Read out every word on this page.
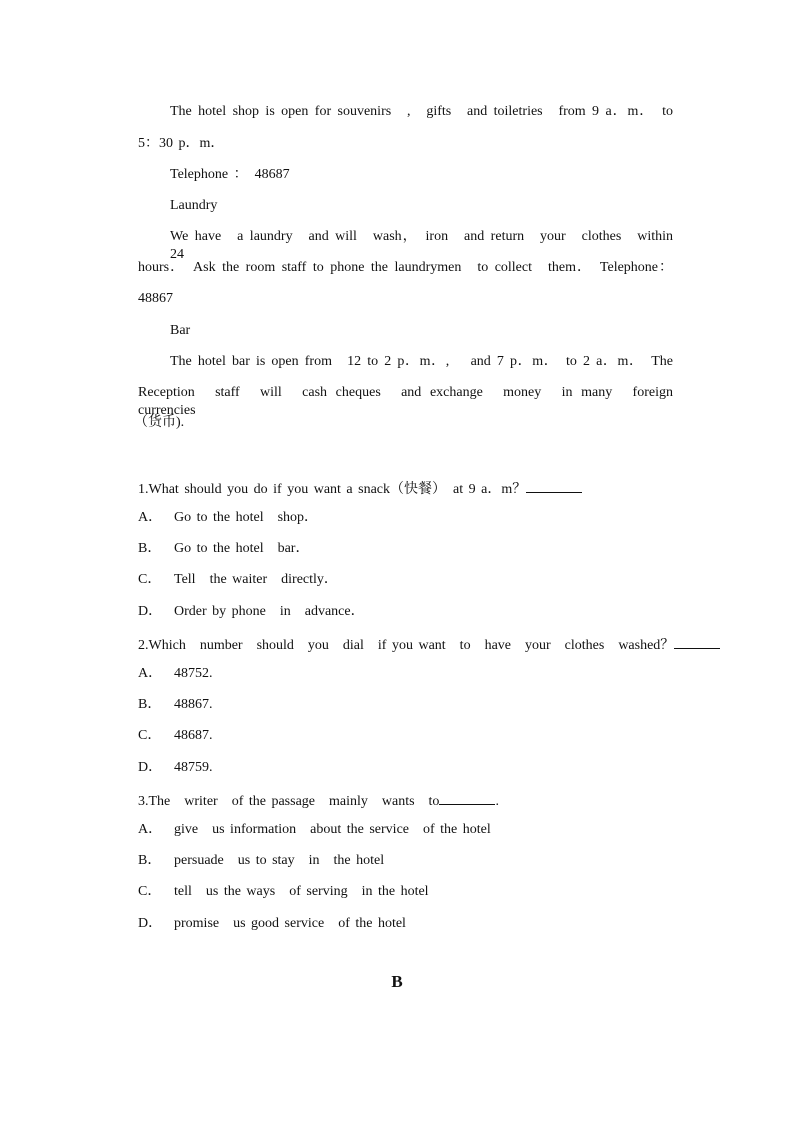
The hotel shop is open for souvenirs　,　gifts　and toiletries　from 9 a．m．　to
5：30 p．m．
Telephone ：　48687
Laundry
We have　a laundry　and will　wash，　iron　and return　your　clothes　within　24
hours．　Ask the room staff to phone the laundrymen　to collect　them．　Telephone：
48867
Bar
The hotel bar is open from　12 to 2 p．m．,　 and 7 p．m．　to 2 a．m．　The
Reception　staff　will　cash cheques　and exchange　money　in many　foreign　currencies
（货币).
1.What should you do if you want a snack（快餐）　at 9 a．m？
A． Go to the hotel　shop．
B． Go to the hotel　bar．
C． Tell　the waiter　directly．
D． Order by phone　in　advance．
2.Which　number　should　you　dial　if you want　to　have　your　clothes　washed？
A． 48752.
B． 48867.
C． 48687.
D． 48759.
3.The　writer　of the passage　mainly　wants　to	.
A． give　us information　about the service　of the hotel
B． persuade　us to stay　in　the hotel
C． tell　us the ways　of serving　in the hotel
D． promise　us good service　of the hotel
B
